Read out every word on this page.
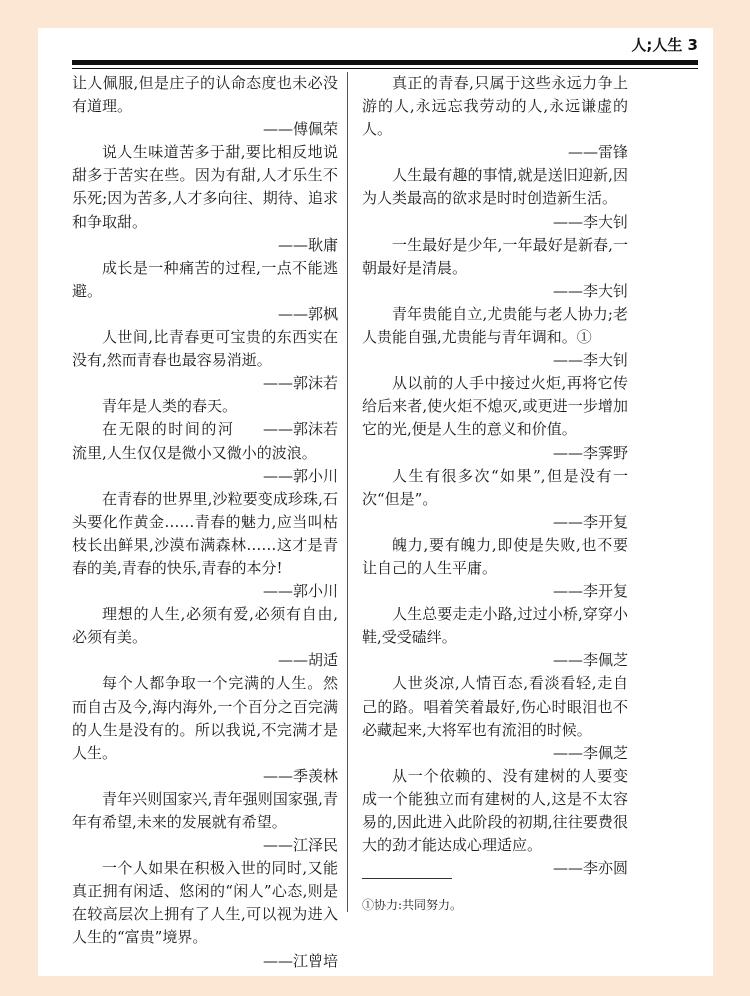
人;人生 3

让人佩服,但是庄子的认命态度也未必没有道理。

——傅佩荣

说人生味道苦多于甜,要比相反地说甜多于苦实在些。因为有甜,人才乐生不乐死;因为苦多,人才多向往、期待、追求和争取甜。

——耿庸

成长是一种痛苦的过程,一点不能逃避。

——郭枫

人世间,比青春更可宝贵的东西实在没有,然而青春也最容易消逝。

——郭沫若

青年是人类的春天。
——郭沫若

在无限的时间的河流里,人生仅仅是微小又微小的波浪。

——郭小川

在青春的世界里,沙粒要变成珍珠,石头要化作黄金……青春的魅力,应当叫枯枝长出鲜果,沙漠布满森林……这才是青春的美,青春的快乐,青春的本分!

——郭小川

理想的人生,必须有爱,必须有自由,必须有美。

——胡适

每个人都争取一个完满的人生。然而自古及今,海内海外,一个百分之百完满的人生是没有的。所以我说,不完满才是人生。

——季羡林

青年兴则国家兴,青年强则国家强,青年有希望,未来的发展就有希望。

——江泽民

一个人如果在积极入世的同时,又能真正拥有闲适、悠闲的“闲人”心态,则是在较高层次上拥有了人生,可以视为进入人生的“富贵”境界。

——江曾培

真正的青春,只属于这些永远力争上游的人,永远忘我劳动的人,永远谦虚的人。

——雷锋

人生最有趣的事情,就是送旧迎新,因为人类最高的欲求是时时创造新生活。

——李大钊

一生最好是少年,一年最好是新春,一朝最好是清晨。

——李大钊

青年贵能自立,尤贵能与老人协力;老人贵能自强,尤贵能与青年调和。①

——李大钊

从以前的人手中接过火炬,再将它传给后来者,使火炬不熄灭,或更进一步增加它的光,便是人生的意义和价值。

——李霁野

人生有很多次“如果”,但是没有一次“但是”。

——李开复

魄力,要有魄力,即使是失败,也不要让自己的人生平庸。

——李开复

人生总要走走小路,过过小桥,穿穿小鞋,受受磕绊。

——李佩芝

人世炎凉,人情百态,看淡看轻,走自己的路。唱着笑着最好,伤心时眼泪也不必藏起来,大将军也有流泪的时候。

——李佩芝

从一个依赖的、没有建树的人要变成一个能独立而有建树的人,这是不太容易的,因此进入此阶段的初期,往往要费很大的劲才能达成心理适应。

——李亦圆

①协力:共同努力。
